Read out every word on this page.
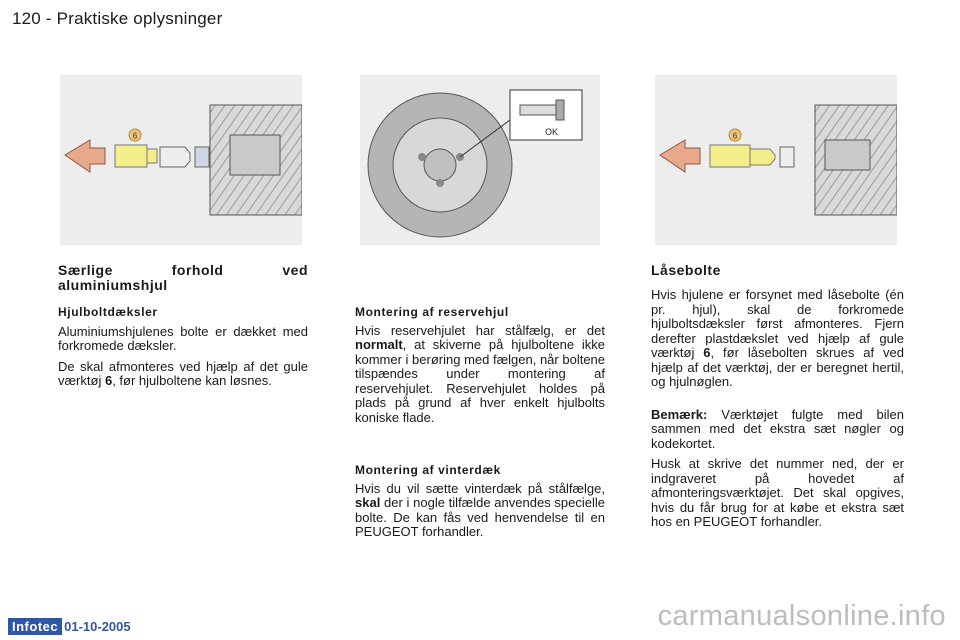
120 - Praktiske oplysninger
6	OK	6
Særlige forhold ved aluminiumshjul
Hjulboltdæksler

Aluminiumshjulenes bolte er dækket med forkromede dæksler.

De skal afmonteres ved hjælp af det gule værktøj 6, før hjulboltene kan løsnes.

Montering af reservehjul

Hvis reservehjulet har stålfælg, er det normalt, at skiverne på hjulboltene ikke kommer i berøring med fælgen, når boltene tilspændes under montering af reservehjulet. Reservehjulet holdes på plads på grund af hver enkelt hjulbolts koniske flade.

Montering af vinterdæk

Hvis du vil sætte vinterdæk på stålfælge, skal der i nogle tilfælde anvendes specielle bolte. De kan fås ved henvendelse til en PEUGEOT forhandler.

Låsebolte

Hvis hjulene er forsynet med låsebolte (én pr. hjul), skal de forkromede hjulboltsdæksler først afmonteres. Fjern derefter plastdækslet ved hjælp af gule værktøj 6, før låsebolten skrues af ved hjælp af det værktøj, der er beregnet hertil, og hjulnøglen.

Bemærk: Værktøjet fulgte med bilen sammen med det ekstra sæt nøgler og kodekortet.

Husk at skrive det nummer ned, der er indgraveret på hovedet af afmonteringsværktøjet. Det skal opgives, hvis du får brug for at købe et ekstra sæt hos en PEUGEOT forhandler.

Infotec 01-10-2005	carmanualsonline.info
